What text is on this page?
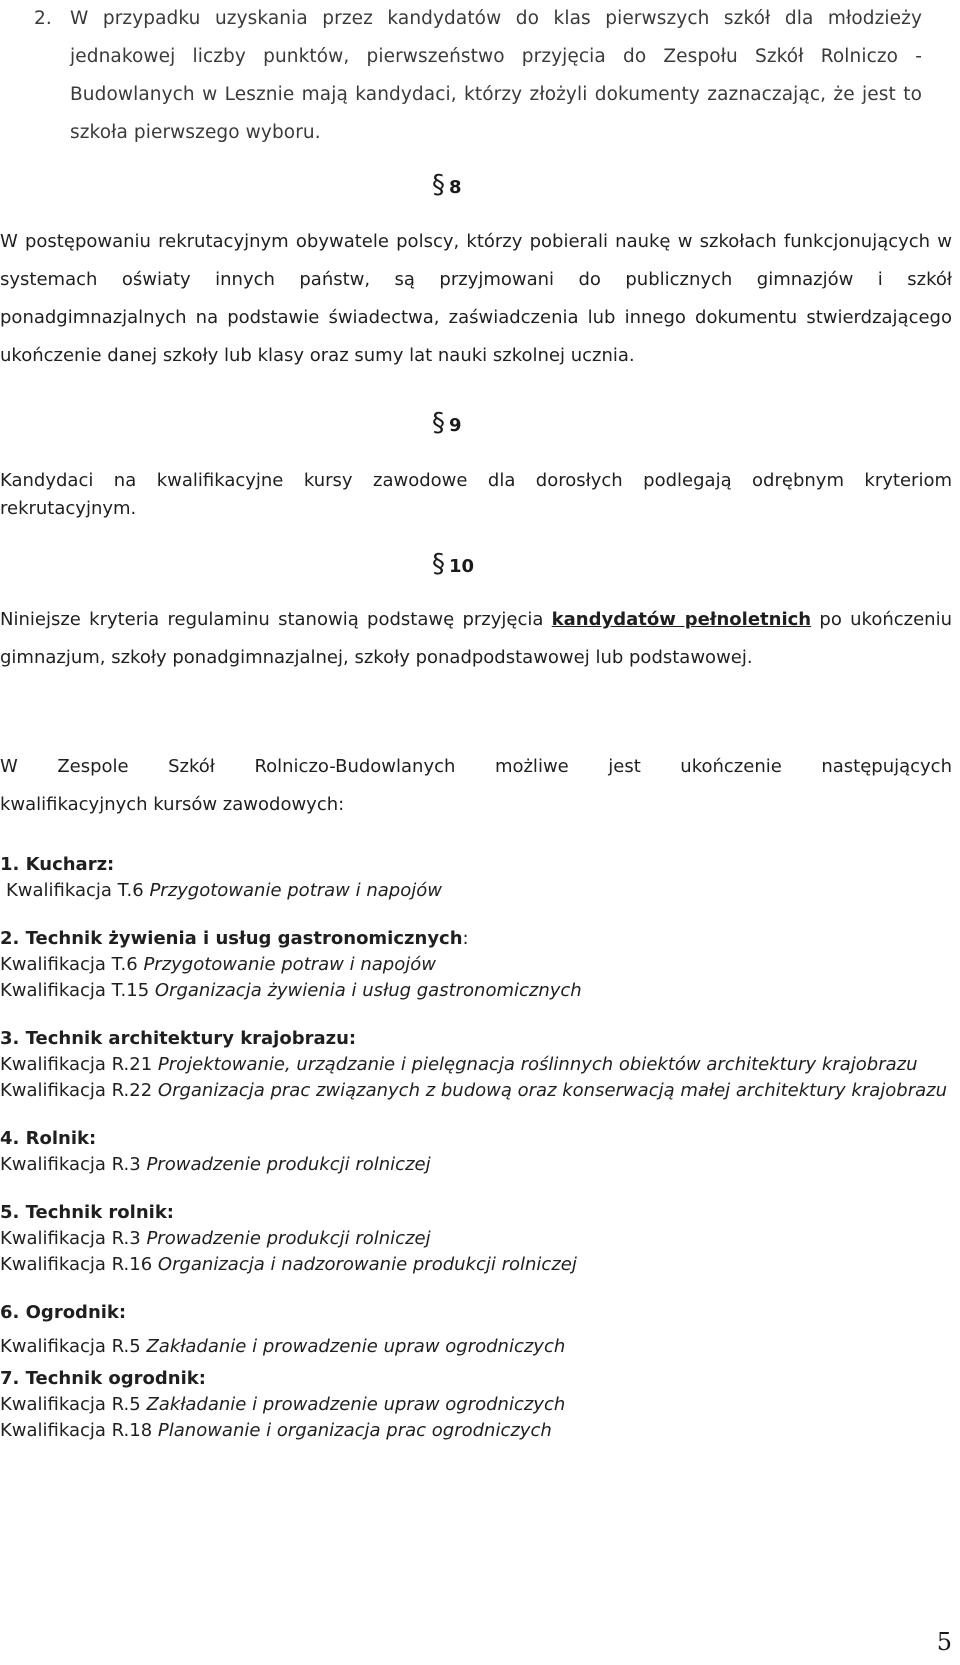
2. W przypadku uzyskania przez kandydatów do klas pierwszych szkół dla młodzieży jednakowej liczby punktów, pierwszeństwo przyjęcia do Zespołu Szkół Rolniczo - Budowlanych w Lesznie mają kandydaci, którzy złożyli dokumenty zaznaczając, że jest to szkoła pierwszego wyboru.

§ 8

W postępowaniu rekrutacyjnym obywatele polscy, którzy pobierali naukę w szkołach funkcjonujących w systemach oświaty innych państw, są przyjmowani do publicznych gimnazjów i szkół ponadgimnazjalnych na podstawie świadectwa, zaświadczenia lub innego dokumentu stwierdzającego ukończenie danej szkoły lub klasy oraz sumy lat nauki szkolnej ucznia.

§ 9

Kandydaci na kwalifikacyjne kursy zawodowe dla dorosłych podlegają odrębnym kryteriom rekrutacyjnym.

§ 10

Niniejsze kryteria regulaminu stanowią podstawę przyjęcia kandydatów pełnoletnich po ukończeniu gimnazjum, szkoły ponadgimnazjalnej, szkoły ponadpodstawowej lub podstawowej.

W Zespole Szkół Rolniczo-Budowlanych możliwe jest ukończenie następujących

kwalifikacyjnych kursów zawodowych:

1. Kucharz:
Kwalifikacja T.6 Przygotowanie potraw i napojów
2. Technik żywienia i usług gastronomicznych:
Kwalifikacja T.6 Przygotowanie potraw i napojów
Kwalifikacja T.15 Organizacja żywienia i usług gastronomicznych
3. Technik architektury krajobrazu:
Kwalifikacja R.21 Projektowanie, urządzanie i pielęgnacja roślinnych obiektów architektury krajobrazu
Kwalifikacja R.22 Organizacja prac związanych z budową oraz konserwacją małej architektury krajobrazu
4. Rolnik:
Kwalifikacja R.3 Prowadzenie produkcji rolniczej
5. Technik rolnik:
Kwalifikacja R.3 Prowadzenie produkcji rolniczej
Kwalifikacja R.16 Organizacja i nadzorowanie produkcji rolniczej
6. Ogrodnik:
Kwalifikacja R.5 Zakładanie i prowadzenie upraw ogrodniczych
7. Technik ogrodnik:
Kwalifikacja R.5 Zakładanie i prowadzenie upraw ogrodniczych
Kwalifikacja R.18 Planowanie i organizacja prac ogrodniczych
5
